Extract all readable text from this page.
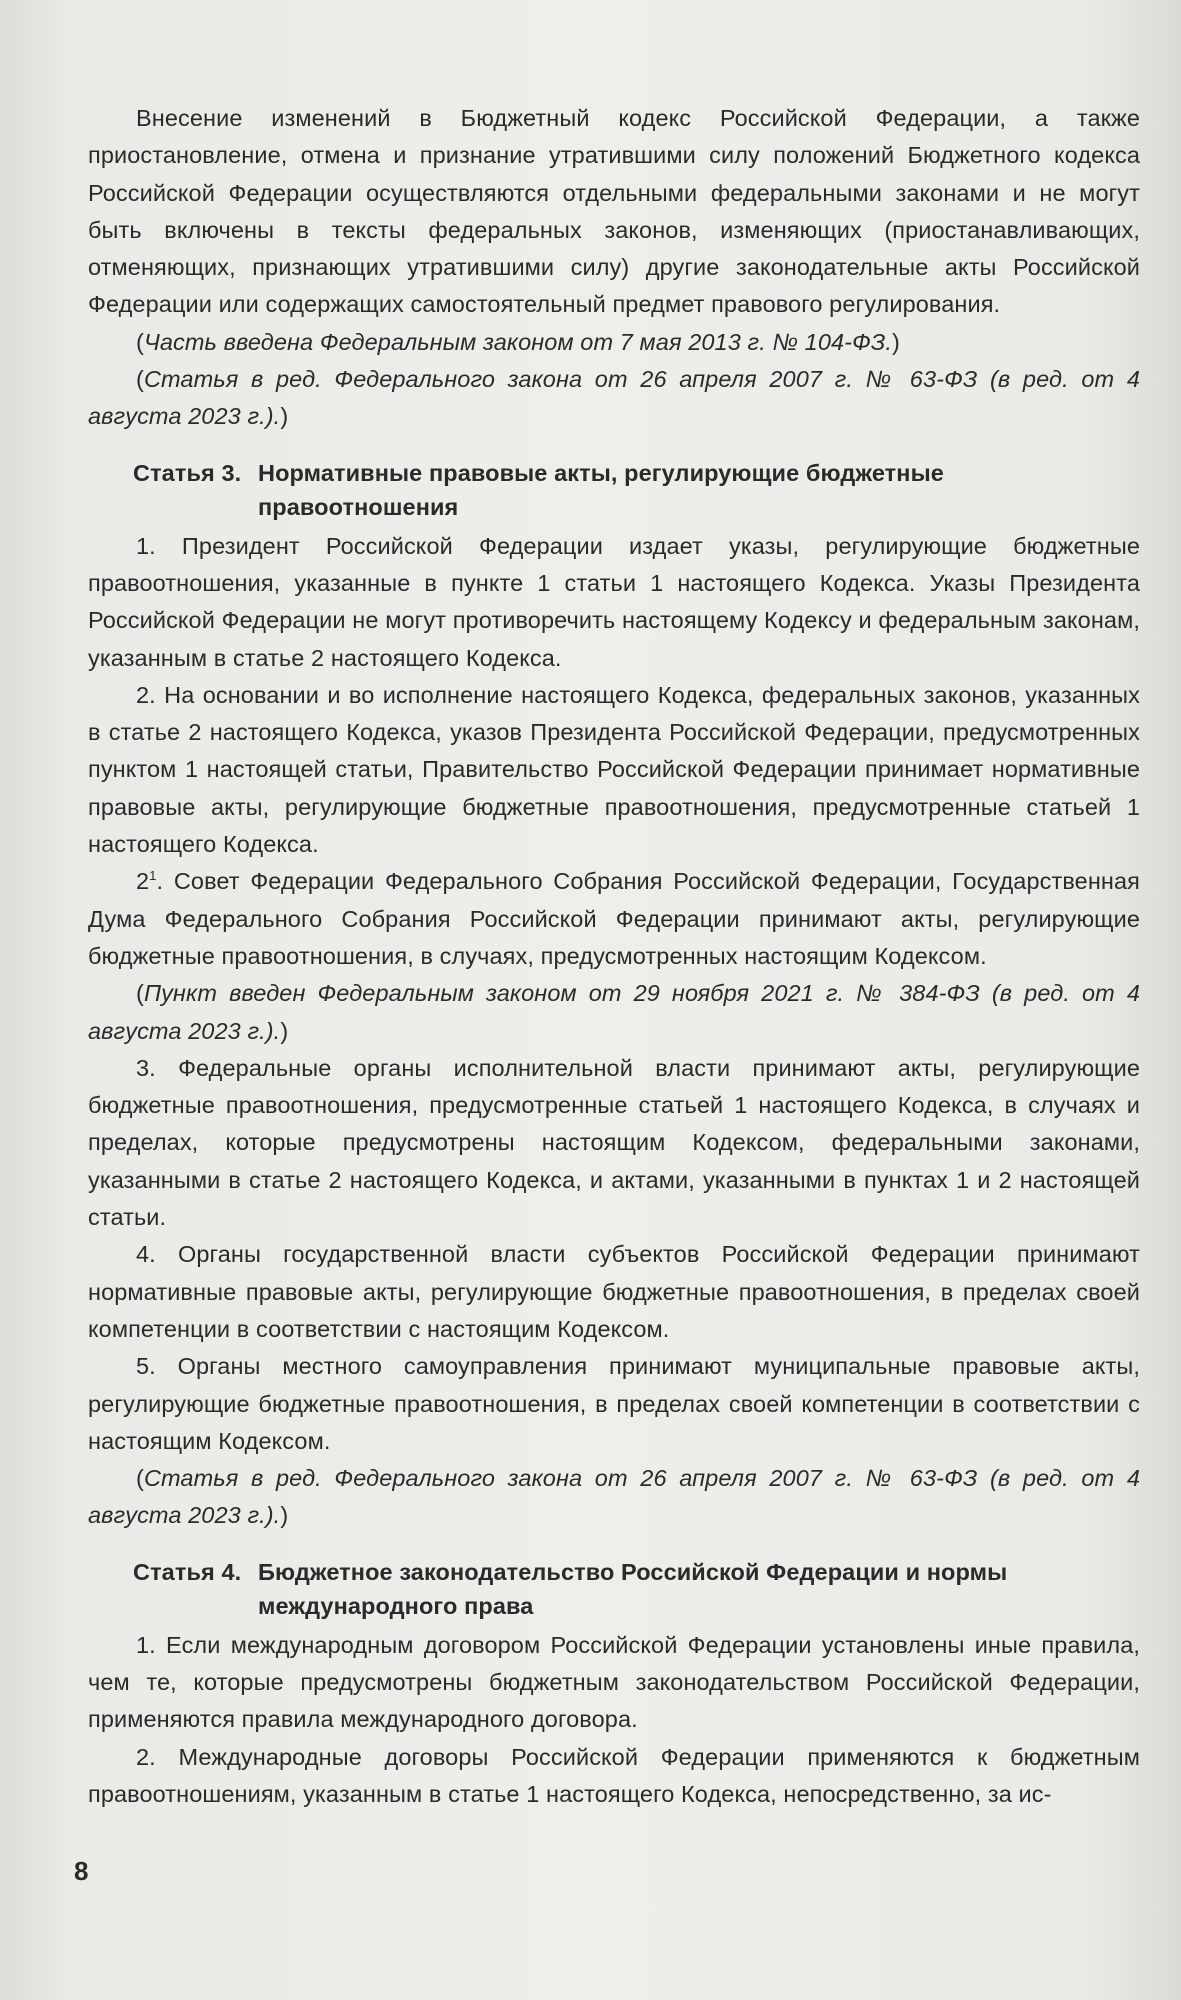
Внесение изменений в Бюджетный кодекс Российской Федерации, а также приостановление, отмена и признание утратившими силу положений Бюджетного кодекса Российской Федерации осуществляются отдельными федеральными законами и не могут быть включены в тексты федеральных законов, изменяющих (приостанавливающих, отменяющих, признающих утратившими силу) другие законодательные акты Российской Федерации или содержащих самостоятельный предмет правового регулирования.

(Часть введена Федеральным законом от 7 мая 2013 г. № 104-ФЗ.)

(Статья в ред. Федерального закона от 26 апреля 2007 г. № 63-ФЗ (в ред. от 4 августа 2023 г.).)

Статья 3. Нормативные правовые акты, регулирующие бюджетные правоотношения

1. Президент Российской Федерации издает указы, регулирующие бюджетные правоотношения, указанные в пункте 1 статьи 1 настоящего Кодекса. Указы Президента Российской Федерации не могут противоречить настоящему Кодексу и федеральным законам, указанным в статье 2 настоящего Кодекса.

2. На основании и во исполнение настоящего Кодекса, федеральных законов, указанных в статье 2 настоящего Кодекса, указов Президента Российской Федерации, предусмотренных пунктом 1 настоящей статьи, Правительство Российской Федерации принимает нормативные правовые акты, регулирующие бюджетные правоотношения, предусмотренные статьей 1 настоящего Кодекса.

$2^1$. Совет Федерации Федерального Собрания Российской Федерации, Государственная Дума Федерального Собрания Российской Федерации принимают акты, регулирующие бюджетные правоотношения, в случаях, предусмотренных настоящим Кодексом.

(Пункт введен Федеральным законом от 29 ноября 2021 г. № 384-ФЗ (в ред. от 4 августа 2023 г.).)

3. Федеральные органы исполнительной власти принимают акты, регулирующие бюджетные правоотношения, предусмотренные статьей 1 настоящего Кодекса, в случаях и пределах, которые предусмотрены настоящим Кодексом, федеральными законами, указанными в статье 2 настоящего Кодекса, и актами, указанными в пунктах 1 и 2 настоящей статьи.

4. Органы государственной власти субъектов Российской Федерации принимают нормативные правовые акты, регулирующие бюджетные правоотношения, в пределах своей компетенции в соответствии с настоящим Кодексом.

5. Органы местного самоуправления принимают муниципальные правовые акты, регулирующие бюджетные правоотношения, в пределах своей компетенции в соответствии с настоящим Кодексом.

(Статья в ред. Федерального закона от 26 апреля 2007 г. № 63-ФЗ (в ред. от 4 августа 2023 г.).)

Статья 4. Бюджетное законодательство Российской Федерации и нормы международного права

1. Если международным договором Российской Федерации установлены иные правила, чем те, которые предусмотрены бюджетным законодательством Российской Федерации, применяются правила международного договора.

2. Международные договоры Российской Федерации применяются к бюджетным правоотношениям, указанным в статье 1 настоящего Кодекса, непосредственно, за ис-

8
